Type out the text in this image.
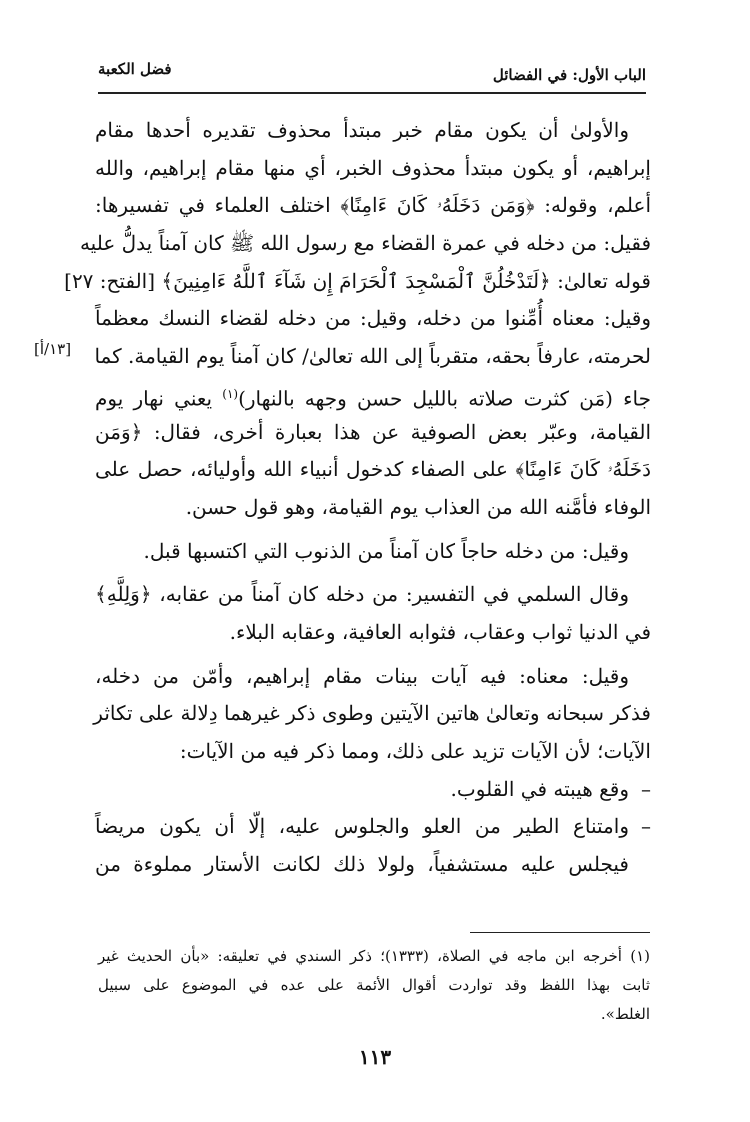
فضل الكعبة	الباب الأول: في الفضائل
[١٣/أ]
والأولىٰ أن يكون مقام خبر مبتدأ محذوف تقديره أحدها مقام
إبراهيم، أو يكون مبتدأ محذوف الخبر، أي منها مقام إبراهيم، والله
أعلم، وقوله: ﴿وَمَن دَخَلَهُۥ كَانَ ءَامِنًا﴾ اختلف العلماء في تفسيرها:
فقيل: من دخله في عمرة القضاء مع رسول الله ﷺ كان آمناً يدلُّ عليه
قوله تعالىٰ: ﴿لَتَدْخُلُنَّ ٱلْمَسْجِدَ ٱلْحَرَامَ إِن شَآءَ ٱللَّهُ ءَامِنِينَ﴾ [الفتح: ٢٧]
وقيل: معناه أُمِّنوا من دخله، وقيل: من دخله لقضاء النسك معظماً
لحرمته، عارفاً بحقه، متقرباً إلى الله تعالىٰ/ كان آمناً يوم القيامة. كما
جاء (مَن كثرت صلاته بالليل حسن وجهه بالنهار)$^{(١)}$ يعني نهار يوم
القيامة، وعبّر بعض الصوفية عن هذا بعبارة أخرى، فقال: ﴿وَمَن
دَخَلَهُۥ كَانَ ءَامِنًا﴾ على الصفاء كدخول أنبياء الله وأوليائه، حصل على
الوفاء فأمَّنه الله من العذاب يوم القيامة، وهو قول حسن.
وقيل: من دخله حاجاً كان آمناً من الذنوب التي اكتسبها قبل.
وقال السلمي في التفسير: من دخله كان آمناً من عقابه، ﴿وَلِلَّهِ﴾
في الدنيا ثواب وعقاب، فثوابه العافية، وعقابه البلاء.
وقيل: معناه: فيه آيات بينات مقام إبراهيم، وأمّن من دخله،
فذكر سبحانه وتعالىٰ هاتين الآيتين وطوى ذكر غيرهما دِلالة على تكاثر
الآيات؛ لأن الآيات تزيد على ذلك، ومما ذكر فيه من الآيات:
–وقع هيبته في القلوب.
–وامتناع الطير من العلو والجلوس عليه، إلّا أن يكون مريضاً
فيجلس عليه مستشفياً، ولولا ذلك لكانت الأستار مملوءة من
(١) أخرجه ابن ماجه في الصلاة، (١٣٣٣)؛ ذكر السندي في تعليقه: «بأن الحديث غير
ثابت بهذا اللفظ وقد تواردت أقوال الأئمة على عده في الموضوع على سبيل
الغلط».
١١٣
